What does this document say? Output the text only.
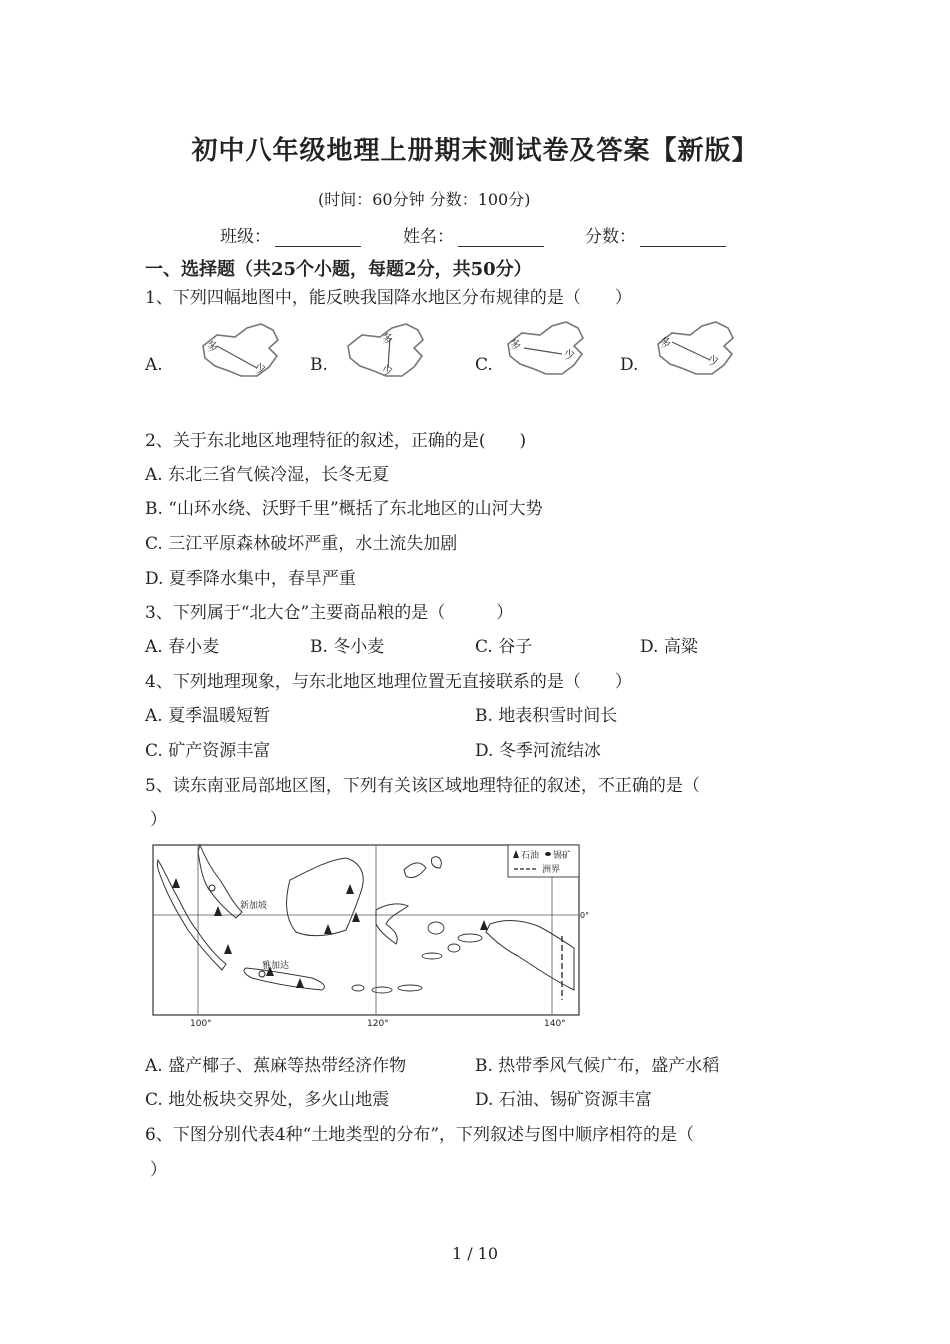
初中八年级地理上册期末测试卷及答案【新版】
(时间：60分钟 分数：100分)
班级：	姓名：	分数：
一、选择题（共25个小题，每题2分，共50分）
1、下列四幅地图中，能反映我国降水地区分布规律的是（　　）
A.
多
少	B.
多
少	C.
多
少
D.
多
少
2、关于东北地区地理特征的叙述，正确的是(　　)
A. 东北三省气候冷湿，长冬无夏
B. “山环水绕、沃野千里”概括了东北地区的山河大势
C. 三江平原森林破坏严重，水土流失加剧
D. 夏季降水集中，春旱严重
3、下列属于“北大仓”主要商品粮的是（　　　）
A. 春小麦	B. 冬小麦	C. 谷子	D. 高粱
4、下列地理现象，与东北地区地理位置无直接联系的是（　　）
A. 夏季温暖短暂	B. 地表积雪时间长
C. 矿产资源丰富	D. 冬季河流结冰
5、读东南亚局部地区图，下列有关该区域地理特征的叙述，不正确的是（
）
新加坡
雅加达
石油 锡矿
洲界
100°	120°	140°
0°
A. 盛产椰子、蕉麻等热带经济作物	B. 热带季风气候广布，盛产水稻
C. 地处板块交界处，多火山地震	D. 石油、锡矿资源丰富
6、下图分别代表4种“土地类型的分布”，下列叙述与图中顺序相符的是（
）
1 / 10
